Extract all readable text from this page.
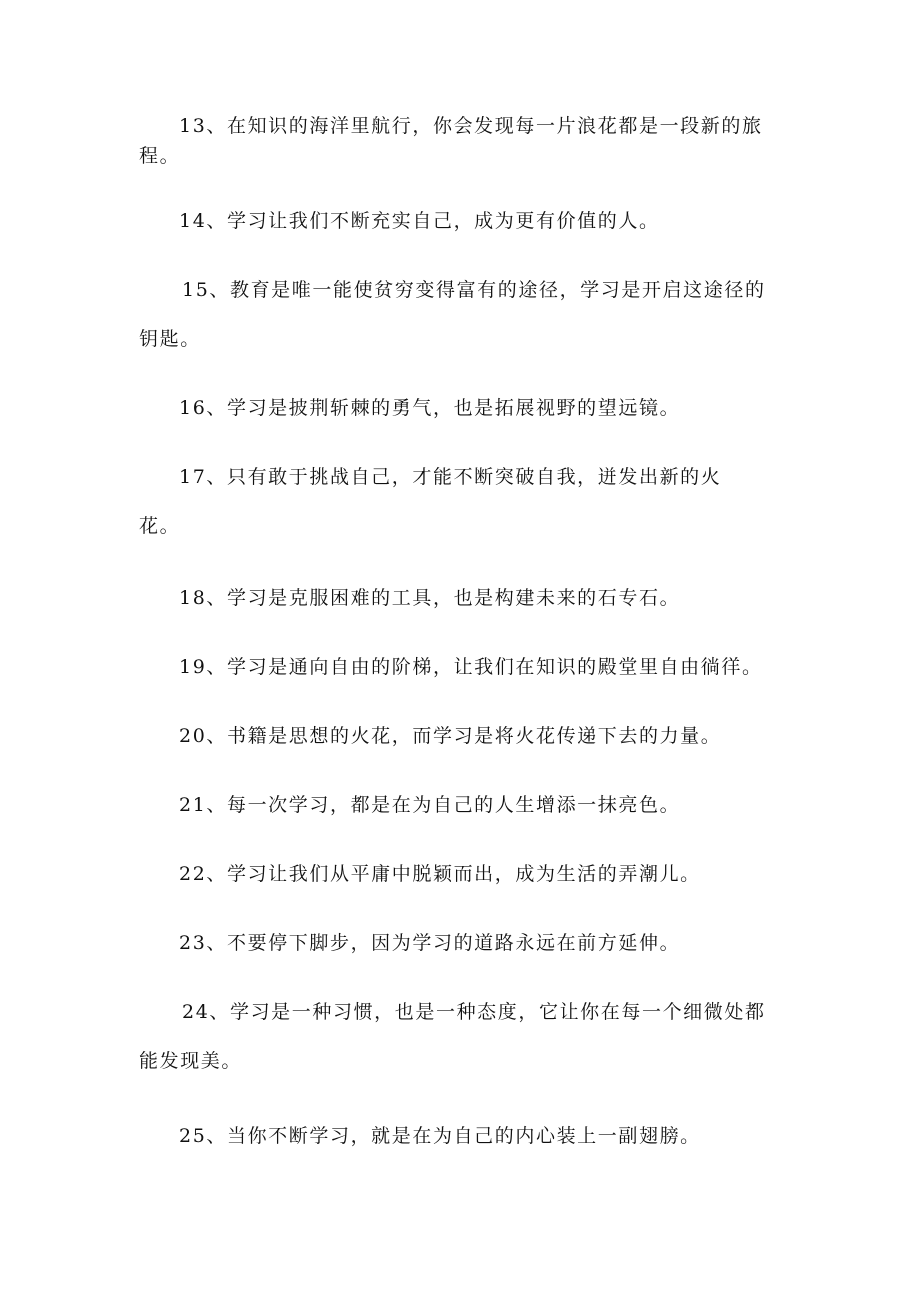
13、在知识的海洋里航行，你会发现每一片浪花都是一段新的旅
程。

14、学习让我们不断充实自己，成为更有价值的人。

15、教育是唯一能使贫穷变得富有的途径，学习是开启这途径的
钥匙。

16、学习是披荆斩棘的勇气，也是拓展视野的望远镜。

17、只有敢于挑战自己，才能不断突破自我，迸发出新的火
花。

18、学习是克服困难的工具，也是构建未来的石专石。

19、学习是通向自由的阶梯，让我们在知识的殿堂里自由徜徉。

20、书籍是思想的火花，而学习是将火花传递下去的力量。

21、每一次学习，都是在为自己的人生增添一抹亮色。

22、学习让我们从平庸中脱颖而出，成为生活的弄潮儿。

23、不要停下脚步，因为学习的道路永远在前方延伸。

24、学习是一种习惯，也是一种态度，它让你在每一个细微处都
能发现美。

25、当你不断学习，就是在为自己的内心装上一副翅膀。
